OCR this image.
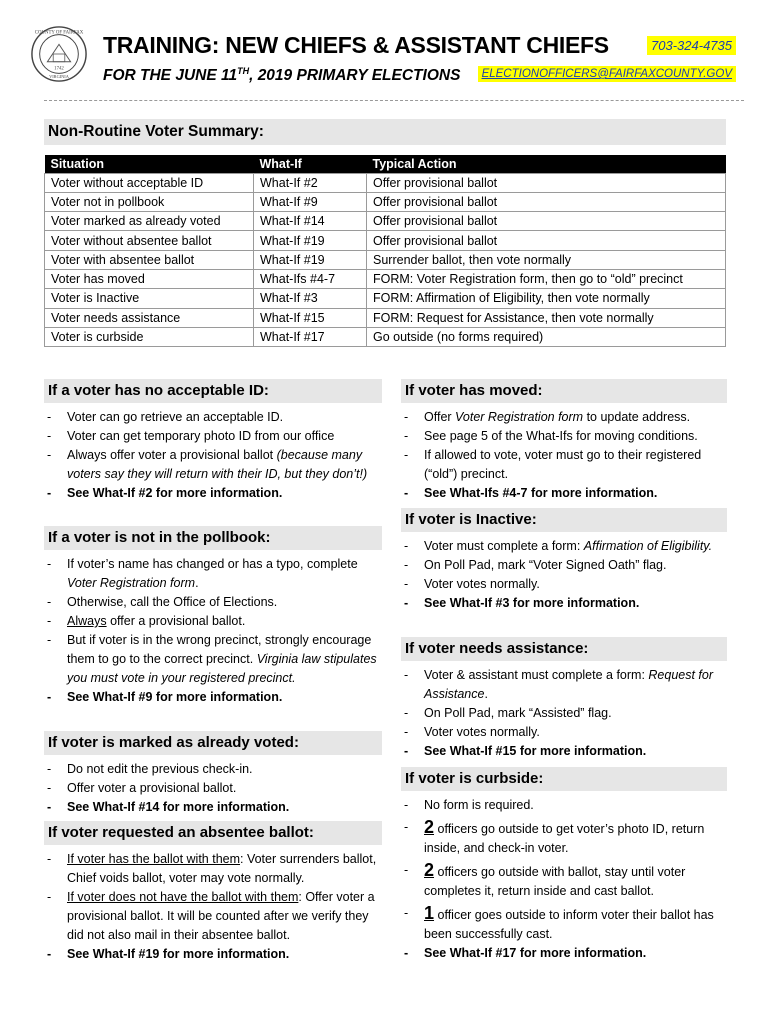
COUNTY OF FAIRFAX
1742
VIRGINIA
TRAINING: NEW CHIEFS & ASSISTANT CHIEFS
FOR THE JUNE 11TH, 2019 PRIMARY ELECTIONS
703-324-4735
ELECTIONOFFICERS@FAIRFAXCOUNTY.GOV
Non-Routine Voter Summary:
Situation	What-If	Typical Action
Voter without acceptable ID	What-If #2	Offer provisional ballot
Voter not in pollbook	What-If #9	Offer provisional ballot
Voter marked as already voted	What-If #14	Offer provisional ballot
Voter without absentee ballot	What-If #19	Offer provisional ballot
Voter with absentee ballot	What-If #19	Surrender ballot, then vote normally
Voter has moved	What-Ifs #4-7	FORM: Voter Registration form, then go to “old” precinct
Voter is Inactive	What-If #3	FORM: Affirmation of Eligibility, then vote normally
Voter needs assistance	What-If #15	FORM: Request for Assistance, then vote normally
Voter is curbside	What-If #17	Go outside (no forms required)
If a voter has no acceptable ID:
- Voter can go retrieve an acceptable ID.
- Voter can get temporary photo ID from our office
- Always offer voter a provisional ballot (because many voters say they will return with their ID, but they don’t!)
- See What-If #2 for more information.
If a voter is not in the pollbook:
- If voter’s name has changed or has a typo, complete Voter Registration form.
- Otherwise, call the Office of Elections.
- Always offer a provisional ballot.
- But if voter is in the wrong precinct, strongly encourage them to go to the correct precinct. Virginia law stipulates you must vote in your registered precinct.
- See What-If #9 for more information.
If voter is marked as already voted:
- Do not edit the previous check-in.
- Offer voter a provisional ballot.
- See What-If #14 for more information.
If voter requested an absentee ballot:
- If voter has the ballot with them: Voter surrenders ballot, Chief voids ballot, voter may vote normally.
- If voter does not have the ballot with them: Offer voter a provisional ballot. It will be counted after we verify they did not also mail in their absentee ballot.
- See What-If #19 for more information.
If voter has moved:
- Offer Voter Registration form to update address.
- See page 5 of the What-Ifs for moving conditions.
- If allowed to vote, voter must go to their registered (“old”) precinct.
- See What-Ifs #4-7 for more information.
If voter is Inactive:
- Voter must complete a form: Affirmation of Eligibility.
- On Poll Pad, mark “Voter Signed Oath” flag.
- Voter votes normally.
- See What-If #3 for more information.
If voter needs assistance:
- Voter & assistant must complete a form: Request for Assistance.
- On Poll Pad, mark “Assisted” flag.
- Voter votes normally.
- See What-If #15 for more information.
If voter is curbside:
- No form is required.
- 2 officers go outside to get voter’s photo ID, return inside, and check-in voter.
- 2 officers go outside with ballot, stay until voter completes it, return inside and cast ballot.
- 1 officer goes outside to inform voter their ballot has been successfully cast.
- See What-If #17 for more information.
